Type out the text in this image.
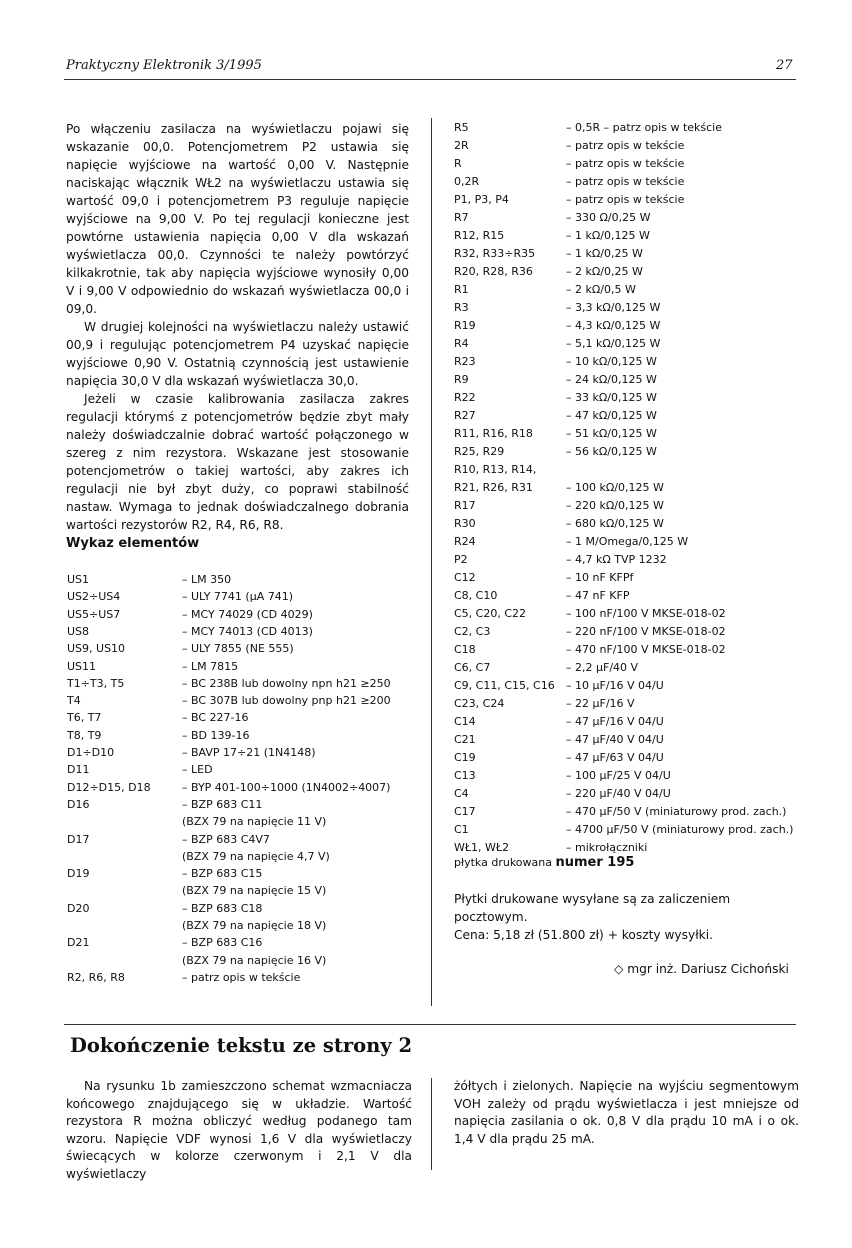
Praktyczny Elektronik 3/1995	27

Po włączeniu zasilacza na wyświetlaczu pojawi się wskazanie 00,0. Potencjometrem P2 ustawia się napięcie wyjściowe na wartość 0,00 V. Następnie naciskając włącznik WŁ2 na wyświetlaczu ustawia się wartość 09,0 i potencjometrem P3 reguluje napięcie wyjściowe na 9,00 V. Po tej regulacji konieczne jest powtórne ustawienia napięcia 0,00 V dla wskazań wyświetlacza 00,0. Czynności te należy powtórzyć kilkakrotnie, tak aby napięcia wyjściowe wynosiły 0,00 V i 9,00 V odpowiednio do wskazań wyświetlacza 00,0 i 09,0.

W drugiej kolejności na wyświetlaczu należy ustawić 00,9 i regulując potencjometrem P4 uzyskać napięcie wyjściowe 0,90 V. Ostatnią czynnością jest ustawienie napięcia 30,0 V dla wskazań wyświetlacza 30,0.

Jeżeli w czasie kalibrowania zasilacza zakres regulacji którymś z potencjometrów będzie zbyt mały należy doświadczalnie dobrać wartość połączonego w szereg z nim rezystora. Wskazane jest stosowanie potencjometrów o takiej wartości, aby zakres ich regulacji nie był zbyt duży, co poprawi stabilność nastaw. Wymaga to jednak doświadczalnego dobrania wartości rezystorów R2, R4, R6, R8.

Wykaz elementów
US1	– LM 350
US2÷US4	– ULY 7741 (μA 741)
US5÷US7	– MCY 74029 (CD 4029)
US8	– MCY 74013 (CD 4013)
US9, US10	– ULY 7855 (NE 555)
US11	– LM 7815
T1÷T3, T5	– BC 238B lub dowolny npn h21 ≥250
T4	– BC 307B lub dowolny pnp h21 ≥200
T6, T7	– BC 227-16
T8, T9	– BD 139-16
D1÷D10	– BAVP 17÷21 (1N4148)
D11	– LED
D12÷D15, D18	– BYP 401-100÷1000 (1N4002÷4007)
D16	– BZP 683 C11
(BZX 79 na napięcie 11 V)
D17	– BZP 683 C4V7
(BZX 79 na napięcie 4,7 V)
D19	– BZP 683 C15
(BZX 79 na napięcie 15 V)
D20	– BZP 683 C18
(BZX 79 na napięcie 18 V)
D21	– BZP 683 C16
(BZX 79 na napięcie 16 V)
R2, R6, R8	– patrz opis w tekście
R5	– 0,5R – patrz opis w tekście
2R	– patrz opis w tekście
R	– patrz opis w tekście
0,2R	– patrz opis w tekście
P1, P3, P4	– patrz opis w tekście
R7	– 330 Ω/0,25 W
R12, R15	– 1 kΩ/0,125 W
R32, R33÷R35	– 1 kΩ/0,25 W
R20, R28, R36	– 2 kΩ/0,25 W
R1	– 2 kΩ/0,5 W
R3	– 3,3 kΩ/0,125 W
R19	– 4,3 kΩ/0,125 W
R4	– 5,1 kΩ/0,125 W
R23	– 10 kΩ/0,125 W
R9	– 24 kΩ/0,125 W
R22	– 33 kΩ/0,125 W
R27	– 47 kΩ/0,125 W
R11, R16, R18	– 51 kΩ/0,125 W
R25, R29	– 56 kΩ/0,125 W
R10, R13, R14,
R21, R26, R31	– 100 kΩ/0,125 W
R17	– 220 kΩ/0,125 W
R30	– 680 kΩ/0,125 W
R24	– 1 M/Omega/0,125 W
P2	– 4,7 kΩ TVP 1232
C12	– 10 nF KFPf
C8, C10	– 47 nF KFP
C5, C20, C22	– 100 nF/100 V MKSE-018-02
C2, C3	– 220 nF/100 V MKSE-018-02
C18	– 470 nF/100 V MKSE-018-02
C6, C7	– 2,2 μF/40 V
C9, C11, C15, C16 – 10 μF/16 V 04/U
C23, C24	– 22 μF/16 V
C14	– 47 μF/16 V 04/U
C21	– 47 μF/40 V 04/U
C19	– 47 μF/63 V 04/U
C13	– 100 μF/25 V 04/U
C4	– 220 μF/40 V 04/U
C17	– 470 μF/50 V (miniaturowy prod. zach.)
C1	– 4700 μF/50 V (miniaturowy prod. zach.)
WŁ1, WŁ2	– mikrołączniki
płytka drukowana numer 195
Płytki drukowane wysyłane są za zaliczeniem pocztowym.
Cena: 5,18 zł (51.800 zł) + koszty wysyłki.
◇ mgr inż. Dariusz Cichoński
Dokończenie tekstu ze strony 2
Na rysunku 1b zamieszczono schemat wzmacniacza końcowego znajdującego się w układzie. Wartość rezystora R można obliczyć według podanego tam wzoru. Napięcie VDF wynosi 1,6 V dla wyświetlaczy świecących w kolorze czerwonym i 2,1 V dla wyświetlaczy
żółtych i zielonych. Napięcie na wyjściu segmentowym VOH zależy od prądu wyświetlacza i jest mniejsze od napięcia zasilania o ok. 0,8 V dla prądu 10 mA i o ok. 1,4 V dla prądu 25 mA.
